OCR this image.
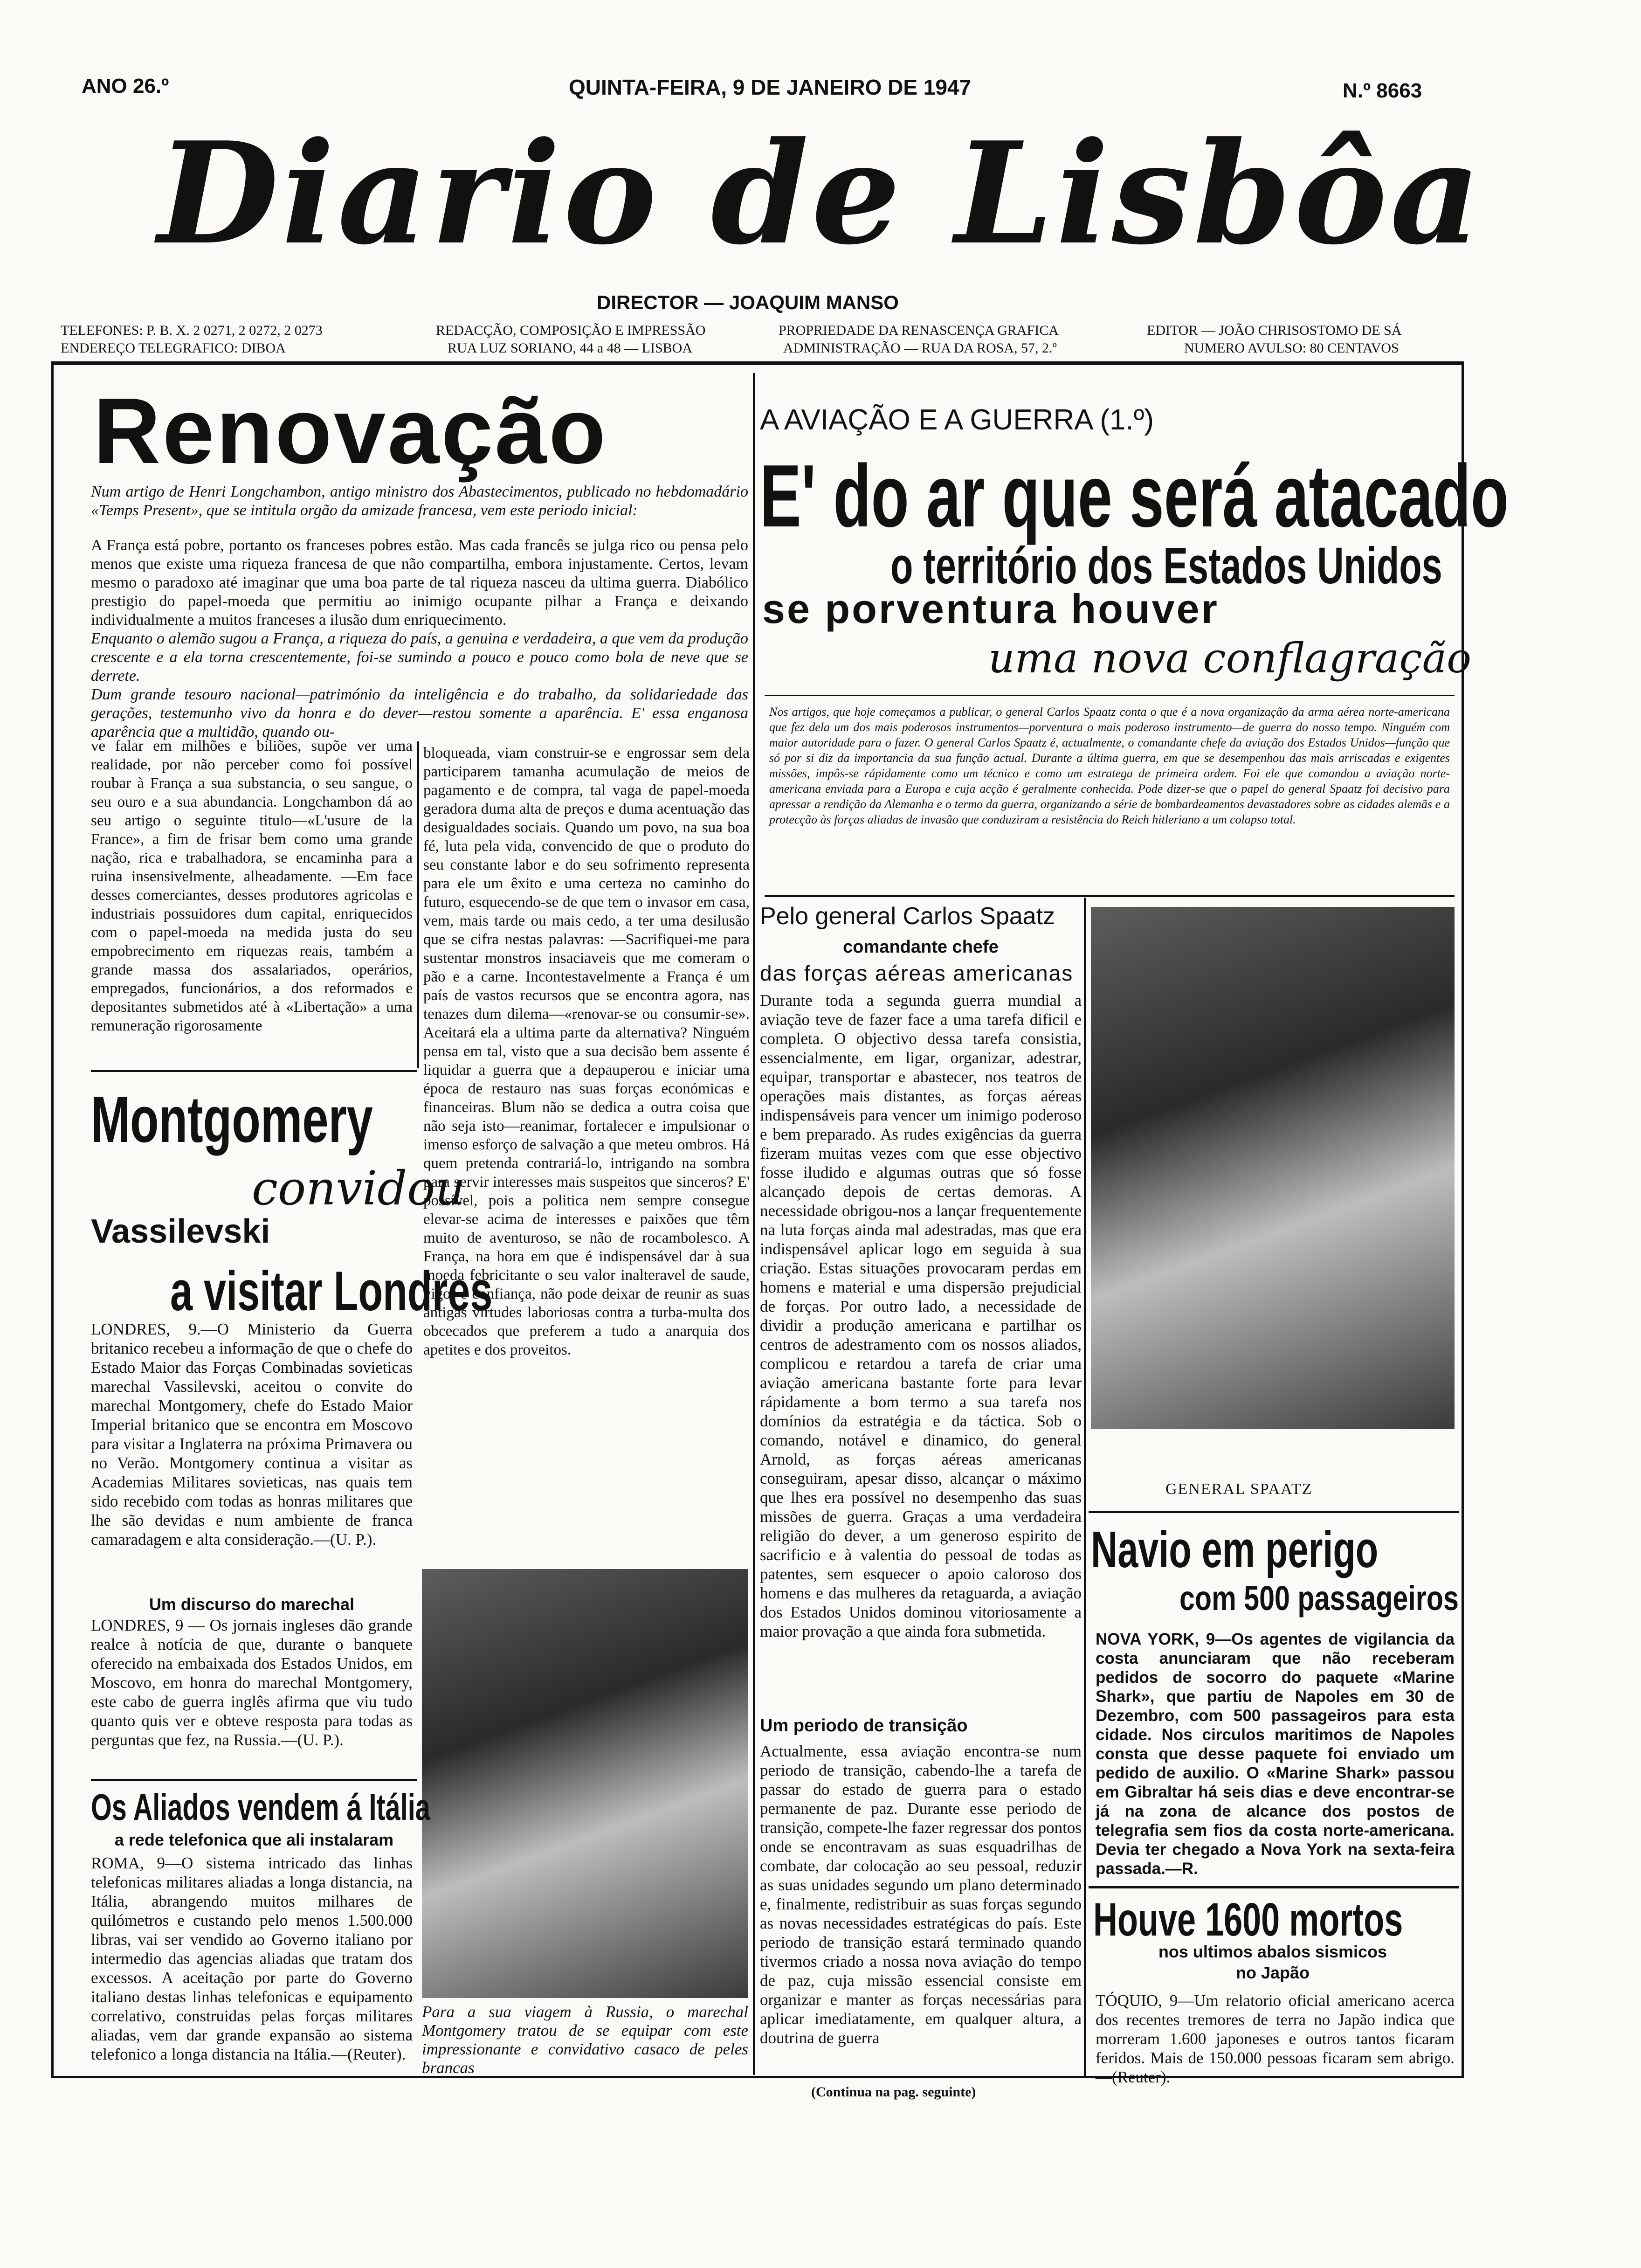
ANO 26.º	QUINTA-FEIRA, 9 DE JANEIRO DE 1947	N.º 8663
Diario de Lisbôa
DIRECTOR — JOAQUIM MANSO
TELEFONES: P. B. X. 2 0271, 2 0272, 2 0273
ENDEREÇO TELEGRAFICO: DIBOA
REDACÇÃO, COMPOSIÇÃO E IMPRESSÃO
RUA LUZ SORIANO, 44 a 48 — LISBOA
PROPRIEDADE DA RENASCENÇA GRAFICA
ADMINISTRAÇÃO — RUA DA ROSA, 57, 2.º
EDITOR — JOÃO CHRISOSTOMO DE SÁ
NUMERO AVULSO: 80 CENTAVOS
Renovação
Num artigo de Henri Longchambon, antigo ministro dos Abastecimentos, publicado no hebdomadário «Temps Present», que se intitula orgão da amizade francesa, vem este periodo inicial:
A França está pobre, portanto os franceses pobres estão. Mas cada francês se julga rico ou pensa pelo menos que existe uma riqueza francesa de que não compartilha, embora injustamente. Certos, levam mesmo o paradoxo até imaginar que uma boa parte de tal riqueza nasceu da ultima guerra. Diabólico prestigio do papel-moeda que permitiu ao inimigo ocupante pilhar a França e deixando individualmente a muitos franceses a ilusão dum enriquecimento.
Enquanto o alemão sugou a França, a riqueza do país, a genuina e verdadeira, a que vem da produção crescente e a ela torna crescentemente, foi-se sumindo a pouco e pouco como bola de neve que se derrete.
Dum grande tesouro nacional—património da inteligência e do trabalho, da solidariedade das gerações, testemunho vivo da honra e do dever—restou somente a aparência. E' essa enganosa aparência que a multidão, quando ou-
ve falar em milhões e biliões, supõe ver uma realidade, por não perceber como foi possível roubar à França a sua substancia, o seu sangue, o seu ouro e a sua abundancia. Longchambon dá ao seu artigo o seguinte titulo—«L'usure de la France», a fim de frisar bem como uma grande nação, rica e trabalhadora, se encaminha para a ruina insensivelmente, alheadamente. —Em face desses comerciantes, desses produtores agricolas e industriais possuidores dum capital, enriquecidos com o papel-moeda na medida justa do seu empobrecimento em riquezas reais, também a grande massa dos assalariados, operários, empregados, funcionários, a dos reformados e depositantes submetidos até à «Libertação» a uma remuneração rigorosamente
bloqueada, viam construir-se e engrossar sem dela participarem tamanha acumulação de meios de pagamento e de compra, tal vaga de papel-moeda geradora duma alta de preços e duma acentuação das desigualdades sociais. Quando um povo, na sua boa fé, luta pela vida, convencido de que o produto do seu constante labor e do seu sofrimento representa para ele um êxito e uma certeza no caminho do futuro, esquecendo-se de que tem o invasor em casa, vem, mais tarde ou mais cedo, a ter uma desilusão que se cifra nestas palavras: —Sacrifiquei-me para sustentar monstros insaciaveis que me comeram o pão e a carne. Incontestavelmente a França é um país de vastos recursos que se encontra agora, nas tenazes dum dilema—«renovar-se ou consumir-se». Aceitará ela a ultima parte da alternativa? Ninguém pensa em tal, visto que a sua decisão bem assente é liquidar a guerra que a depauperou e iniciar uma época de restauro nas suas forças económicas e financeiras. Blum não se dedica a outra coisa que não seja isto—reanimar, fortalecer e impulsionar o imenso esforço de salvação a que meteu ombros. Há quem pretenda contrariá-lo, intrigando na sombra para servir interesses mais suspeitos que sinceros? E' possível, pois a politica nem sempre consegue elevar-se acima de interesses e paixões que têm muito de aventuroso, se não de rocambolesco. A França, na hora em que é indispensável dar à sua moeda febricitante o seu valor inalteravel de saude, vigor e confiança, não pode deixar de reunir as suas antigas virtudes laboriosas contra a turba-multa dos obcecados que preferem a tudo a anarquia dos apetites e dos proveitos.
Montgomery
convidou
Vassilevski
a visitar Londres
LONDRES, 9.—O Ministerio da Guerra britanico recebeu a informação de que o chefe do Estado Maior das Forças Combinadas sovieticas marechal Vassilevski, aceitou o convite do marechal Montgomery, chefe do Estado Maior Imperial britanico que se encontra em Moscovo para visitar a Inglaterra na próxima Primavera ou no Verão. Montgomery continua a visitar as Academias Militares sovieticas, nas quais tem sido recebido com todas as honras militares que lhe são devidas e num ambiente de franca camaradagem e alta consideração.—(U. P.).
Um discurso do marechal
LONDRES, 9 — Os jornais ingleses dão grande realce à notícia de que, durante o banquete oferecido na embaixada dos Estados Unidos, em Moscovo, em honra do marechal Montgomery, este cabo de guerra inglês afirma que viu tudo quanto quis ver e obteve resposta para todas as perguntas que fez, na Russia.—(U. P.).
Para a sua viagem à Russia, o marechal Montgomery tratou de se equipar com este impressionante e convidativo casaco de peles brancas
Os Aliados vendem á Itália
a rede telefonica que ali instalaram
ROMA, 9—O sistema intricado das linhas telefonicas militares aliadas a longa distancia, na Itália, abrangendo muitos milhares de quilómetros e custando pelo menos 1.500.000 libras, vai ser vendido ao Governo italiano por intermedio das agencias aliadas que tratam dos excessos. A aceitação por parte do Governo italiano destas linhas telefonicas e equipamento correlativo, construidas pelas forças militares aliadas, vem dar grande expansão ao sistema telefonico a longa distancia na Itália.—(Reuter).
A AVIAÇÃO E A GUERRA (1.º)
E' do ar que será atacado
o território dos Estados Unidos
se porventura houver
uma nova conflagração
Nos artigos, que hoje começamos a publicar, o general Carlos Spaatz conta o que é a nova organização da arma aérea norte-americana que fez dela um dos mais poderosos instrumentos—porventura o mais poderoso instrumento—de guerra do nosso tempo. Ninguém com maior autoridade para o fazer. O general Carlos Spaatz é, actualmente, o comandante chefe da aviação dos Estados Unidos—função que só por si diz da importancia da sua função actual. Durante a última guerra, em que se desempenhou das mais arriscadas e exigentes missões, impôs-se rápidamente como um técnico e como um estratega de primeira ordem. Foi ele que comandou a aviação norte-americana enviada para a Europa e cuja acção é geralmente conhecida. Pode dizer-se que o papel do general Spaatz foi decisivo para apressar a rendição da Alemanha e o termo da guerra, organizando a série de bombardeamentos devastadores sobre as cidades alemãs e a protecção às forças aliadas de invasão que conduziram a resistência do Reich hitleriano a um colapso total.
Pelo general Carlos Spaatz
comandante chefe
das forças aéreas americanas
Durante toda a segunda guerra mundial a aviação teve de fazer face a uma tarefa dificil e completa. O objectivo dessa tarefa consistia, essencialmente, em ligar, organizar, adestrar, equipar, transportar e abastecer, nos teatros de operações mais distantes, as forças aéreas indispensáveis para vencer um inimigo poderoso e bem preparado. As rudes exigências da guerra fizeram muitas vezes com que esse objectivo fosse iludido e algumas outras que só fosse alcançado depois de certas demoras. A necessidade obrigou-nos a lançar frequentemente na luta forças ainda mal adestradas, mas que era indispensável aplicar logo em seguida à sua criação. Estas situações provocaram perdas em homens e material e uma dispersão prejudicial de forças. Por outro lado, a necessidade de dividir a produção americana e partilhar os centros de adestramento com os nossos aliados, complicou e retardou a tarefa de criar uma aviação americana bastante forte para levar rápidamente a bom termo a sua tarefa nos domínios da estratégia e da táctica. Sob o comando, notável e dinamico, do general Arnold, as forças aéreas americanas conseguiram, apesar disso, alcançar o máximo que lhes era possível no desempenho das suas missões de guerra. Graças a uma verdadeira religião do dever, a um generoso espirito de sacrificio e à valentia do pessoal de todas as patentes, sem esquecer o apoio caloroso dos homens e das mulheres da retaguarda, a aviação dos Estados Unidos dominou vitoriosamente a maior provação a que ainda fora submetida.
Um periodo de transição
Actualmente, essa aviação encontra-se num periodo de transição, cabendo-lhe a tarefa de passar do estado de guerra para o estado permanente de paz. Durante esse periodo de transição, compete-lhe fazer regressar dos pontos onde se encontravam as suas esquadrilhas de combate, dar colocação ao seu pessoal, reduzir as suas unidades segundo um plano determinado e, finalmente, redistribuir as suas forças segundo as novas necessidades estratégicas do país. Este periodo de transição estará terminado quando tivermos criado a nossa nova aviação do tempo de paz, cuja missão essencial consiste em organizar e manter as forças necessárias para aplicar imediatamente, em qualquer altura, a doutrina de guerra
(Continua na pag. seguinte)
GENERAL SPAATZ
Navio em perigo
com 500 passageiros
NOVA YORK, 9—Os agentes de vigilancia da costa anunciaram que não receberam pedidos de socorro do paquete «Marine Shark», que partiu de Napoles em 30 de Dezembro, com 500 passageiros para esta cidade. Nos circulos maritimos de Napoles consta que desse paquete foi enviado um pedido de auxilio. O «Marine Shark» passou em Gibraltar há seis dias e deve encontrar-se já na zona de alcance dos postos de telegrafia sem fios da costa norte-americana. Devia ter chegado a Nova York na sexta-feira passada.—R.
Houve 1600 mortos
nos ultimos abalos sismicos
no Japão
TÓQUIO, 9—Um relatorio oficial americano acerca dos recentes tremores de terra no Japão indica que morreram 1.600 japoneses e outros tantos ficaram feridos. Mais de 150.000 pessoas ficaram sem abrigo.—(Reuter).
